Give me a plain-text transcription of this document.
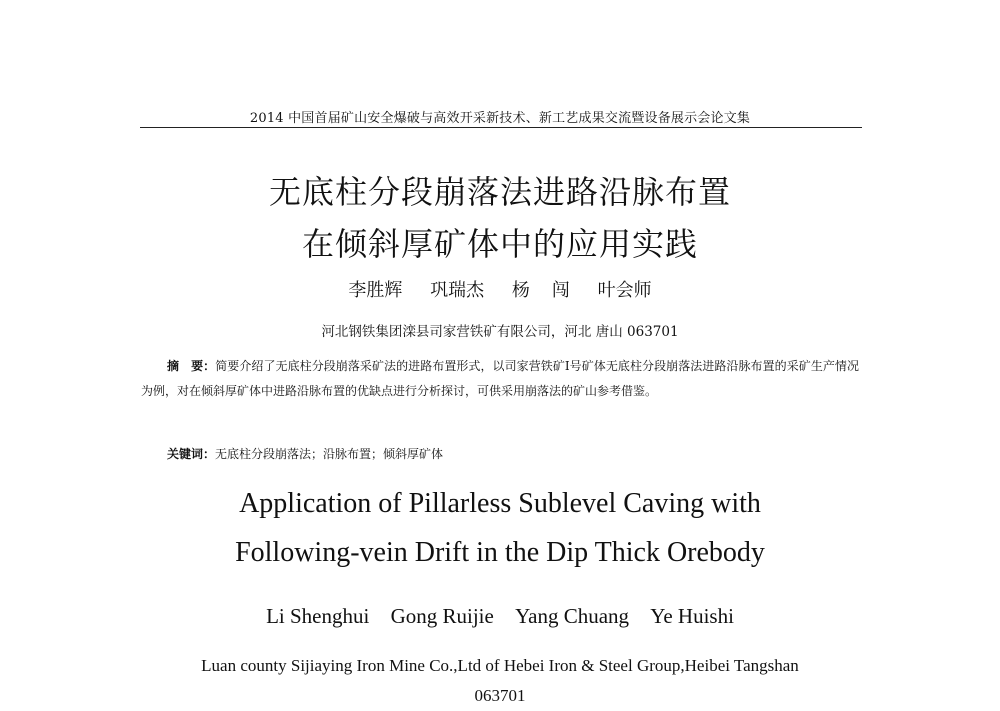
2014 中国首届矿山安全爆破与高效开采新技术、新工艺成果交流暨设备展示会论文集
无底柱分段崩落法进路沿脉布置
在倾斜厚矿体中的应用实践
李胜辉 巩瑞杰 杨 闯 叶会师
河北钢铁集团滦县司家营铁矿有限公司，河北 唐山 063701
摘　要：简要介绍了无底柱分段崩落采矿法的进路布置形式，以司家营铁矿Ⅰ号矿体无底柱分段崩落法进路沿脉布置的采矿生产情况为例，对在倾斜厚矿体中进路沿脉布置的优缺点进行分析探讨，可供采用崩落法的矿山参考借鉴。
关键词：无底柱分段崩落法；沿脉布置；倾斜厚矿体
Application of Pillarless Sublevel Caving with
Following-vein Drift in the Dip Thick Orebody
Li Shenghui Gong Ruijie Yang Chuang Ye Huishi
Luan county Sijiaying Iron Mine Co.,Ltd of Hebei Iron & Steel Group,Heibei Tangshan
063701
